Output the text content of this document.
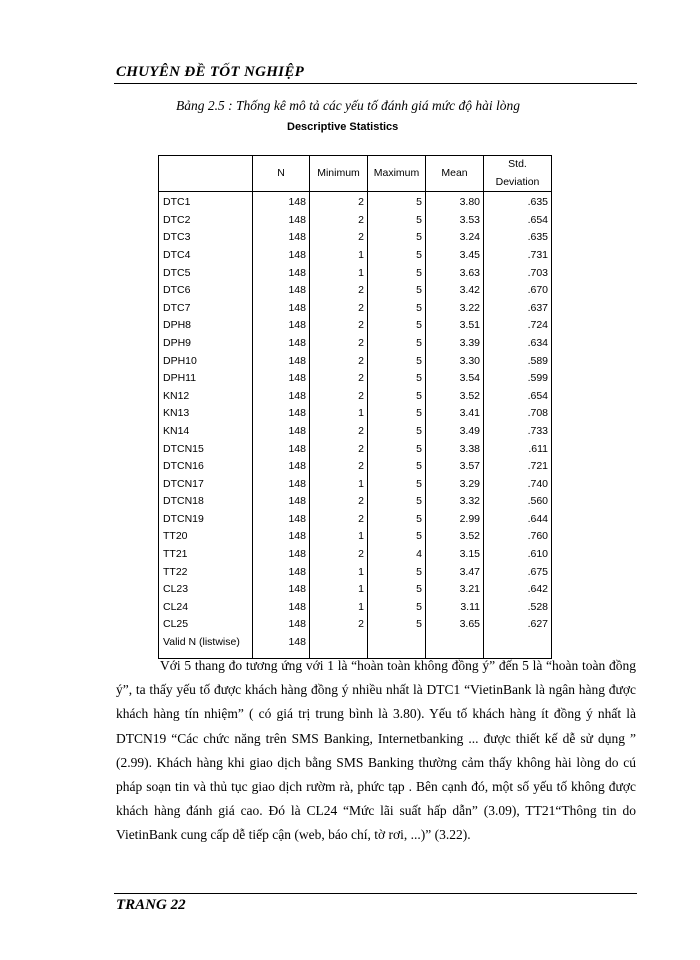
CHUYÊN ĐỀ TỐT NGHIỆP
Bảng 2.5 : Thống kê mô tả các yếu tố đánh giá mức độ hài lòng
Descriptive Statistics
	N	Minimum	Maximum	Mean	Std. Deviation
DTC1	148	2	5	3.80	.635
DTC2	148	2	5	3.53	.654
DTC3	148	2	5	3.24	.635
DTC4	148	1	5	3.45	.731
DTC5	148	1	5	3.63	.703
DTC6	148	2	5	3.42	.670
DTC7	148	2	5	3.22	.637
DPH8	148	2	5	3.51	.724
DPH9	148	2	5	3.39	.634
DPH10	148	2	5	3.30	.589
DPH11	148	2	5	3.54	.599
KN12	148	2	5	3.52	.654
KN13	148	1	5	3.41	.708
KN14	148	2	5	3.49	.733
DTCN15	148	2	5	3.38	.611
DTCN16	148	2	5	3.57	.721
DTCN17	148	1	5	3.29	.740
DTCN18	148	2	5	3.32	.560
DTCN19	148	2	5	2.99	.644
TT20	148	1	5	3.52	.760
TT21	148	2	4	3.15	.610
TT22	148	1	5	3.47	.675
CL23	148	1	5	3.21	.642
CL24	148	1	5	3.11	.528
CL25	148	2	5	3.65	.627
Valid N (listwise)	148				
Với 5 thang đo tương ứng với 1 là “hoàn toàn không đồng ý” đến 5 là “hoàn toàn đồng ý”, ta thấy yếu tố được khách hàng đồng ý nhiều nhất là DTC1 “VietinBank là ngân hàng được khách hàng tín nhiệm” ( có giá trị trung bình là 3.80). Yếu tố khách hàng ít đồng ý nhất là DTCN19 “Các chức năng trên SMS Banking, Internetbanking ... được thiết kế dễ sử dụng ” (2.99). Khách hàng khi giao dịch bằng SMS Banking thường cảm thấy không hài lòng do cú pháp soạn tin và thủ tục giao dịch rườm rà, phức tạp . Bên cạnh đó, một số yếu tố không được khách hàng đánh giá cao. Đó là CL24 “Mức lãi suất hấp dẫn” (3.09), TT21“Thông tin do VietinBank cung cấp dễ tiếp cận (web, báo chí, tờ rơi, ...)” (3.22).
TRANG 22
